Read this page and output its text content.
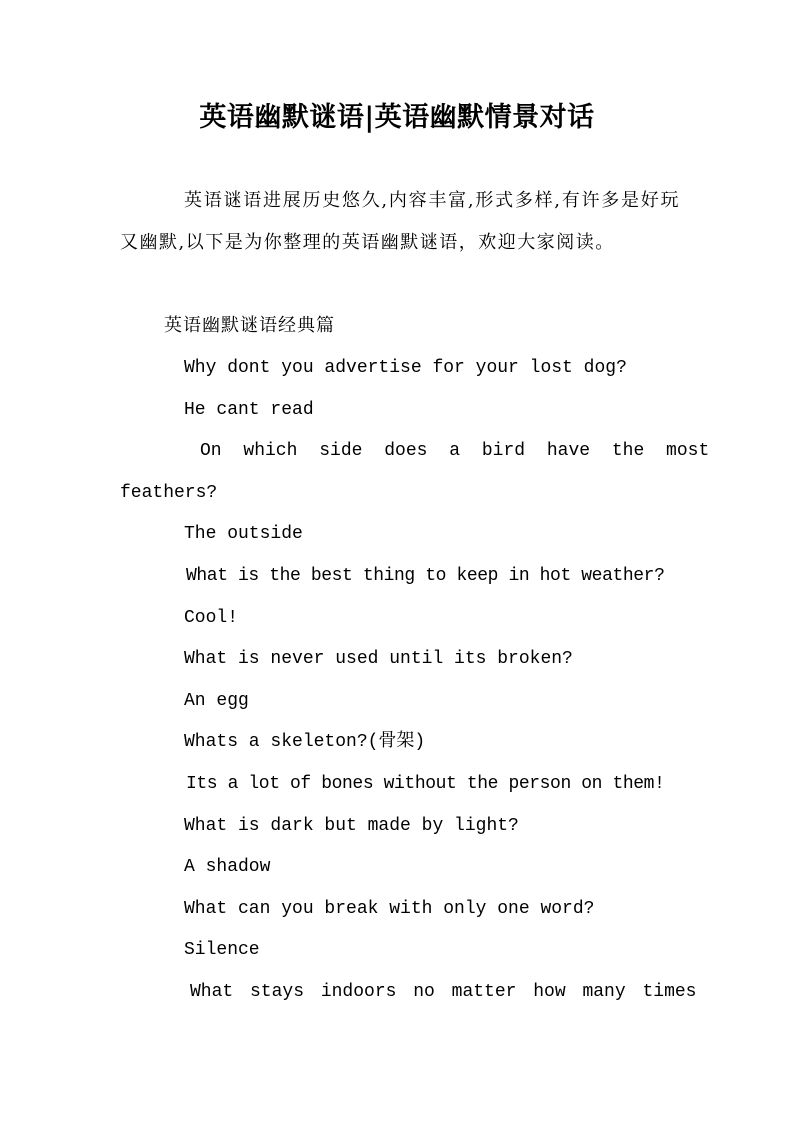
英语幽默谜语|英语幽默情景对话
英语谜语进展历史悠久,内容丰富,形式多样,有许多是好玩又幽默,以下是为你整理的英语幽默谜语，欢迎大家阅读。
英语幽默谜语经典篇
Why dont you advertise for your lost dog?
He cant read
On which side does a bird have the most
feathers?
The outside
What is the best thing to keep in hot weather?
Cool!
What is never used until its broken?
An egg
Whats a skeleton?(骨架)
Its a lot of bones without the person on them!
What is dark but made by light?
A shadow
What can you break with only one word?
Silence
What stays indoors no matter how many times
